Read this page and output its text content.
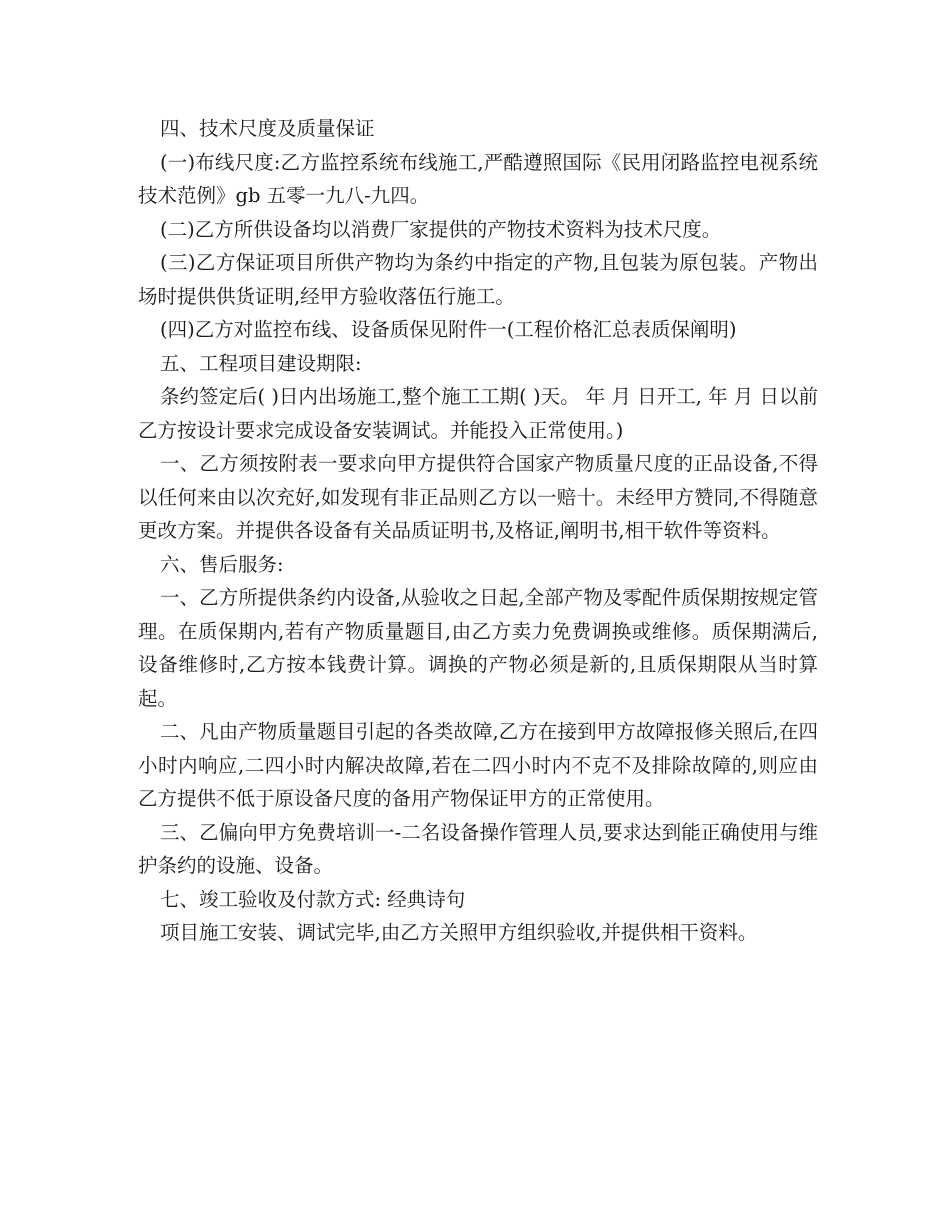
四、技术尺度及质量保证

(一)布线尺度:乙方监控系统布线施工,严酷遵照国际《民用闭路监控电视系统技术范例》gb 五零一九八-九四。

(二)乙方所供设备均以消费厂家提供的产物技术资料为技术尺度。

(三)乙方保证项目所供产物均为条约中指定的产物,且包装为原包装。产物出场时提供供货证明,经甲方验收落伍行施工。

(四)乙方对监控布线、设备质保见附件一(工程价格汇总表质保阐明)

五、工程项目建设期限:

条约签定后( )日内出场施工,整个施工工期( )天。 年 月 日开工, 年 月 日以前乙方按设计要求完成设备安装调试。并能投入正常使用。)

一、乙方须按附表一要求向甲方提供符合国家产物质量尺度的正品设备,不得以任何来由以次充好,如发现有非正品则乙方以一赔十。未经甲方赞同,不得随意更改方案。并提供各设备有关品质证明书,及格证,阐明书,相干软件等资料。

六、售后服务:

一、乙方所提供条约内设备,从验收之日起,全部产物及零配件质保期按规定管理。在质保期内,若有产物质量题目,由乙方卖力免费调换或维修。质保期满后,设备维修时,乙方按本钱费计算。调换的产物必须是新的,且质保期限从当时算起。

二、凡由产物质量题目引起的各类故障,乙方在接到甲方故障报修关照后,在四小时内响应,二四小时内解决故障,若在二四小时内不克不及排除故障的,则应由乙方提供不低于原设备尺度的备用产物保证甲方的正常使用。

三、乙偏向甲方免费培训一-二名设备操作管理人员,要求达到能正确使用与维护条约的设施、设备。

七、竣工验收及付款方式: 经典诗句

项目施工安装、调试完毕,由乙方关照甲方组织验收,并提供相干资料。
